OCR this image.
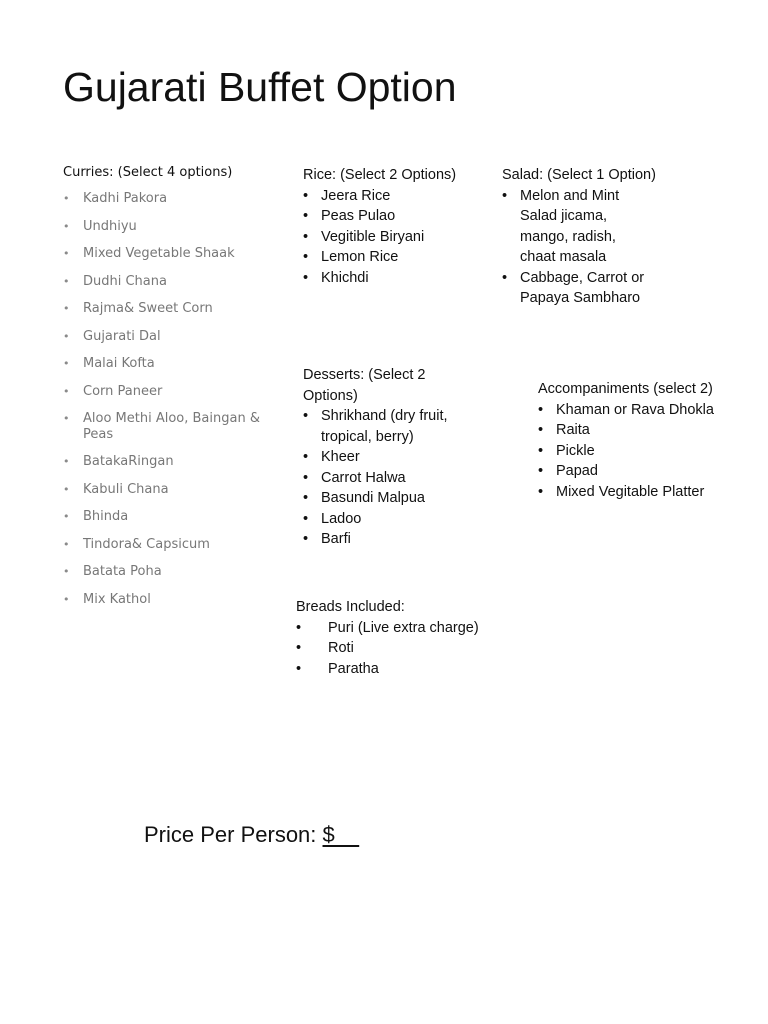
Gujarati Buffet Option
Curries: (Select 4 options)
• Kadhi Pakora
• Undhiyu
• Mixed Vegetable Shaak
• Dudhi Chana
• Rajma& Sweet Corn
• Gujarati Dal
• Malai Kofta
• Corn Paneer
• Aloo Methi Aloo, Baingan & Peas
• BatakaRingan
• Kabuli Chana
• Bhinda
• Tindora& Capsicum
• Batata Poha
• Mix Kathol
Rice: (Select 2 Options)
• Jeera Rice
• Peas Pulao
• Vegitible Biryani
• Lemon Rice
• Khichdi
Salad: (Select 1 Option)
• Melon and Mint Salad jicama, mango, radish, chaat masala
• Cabbage, Carrot or Papaya Sambharo
Desserts: (Select 2 Options)
• Shrikhand (dry fruit, tropical, berry)
• Kheer
• Carrot Halwa
• Basundi Malpua
• Ladoo
• Barfi
Accompaniments (select 2)
• Khaman or Rava Dhokla
• Raita
• Pickle
• Papad
• Mixed Vegitable Platter
Breads Included:
• Puri (Live extra charge)
• Roti
• Paratha
Price Per Person: $
